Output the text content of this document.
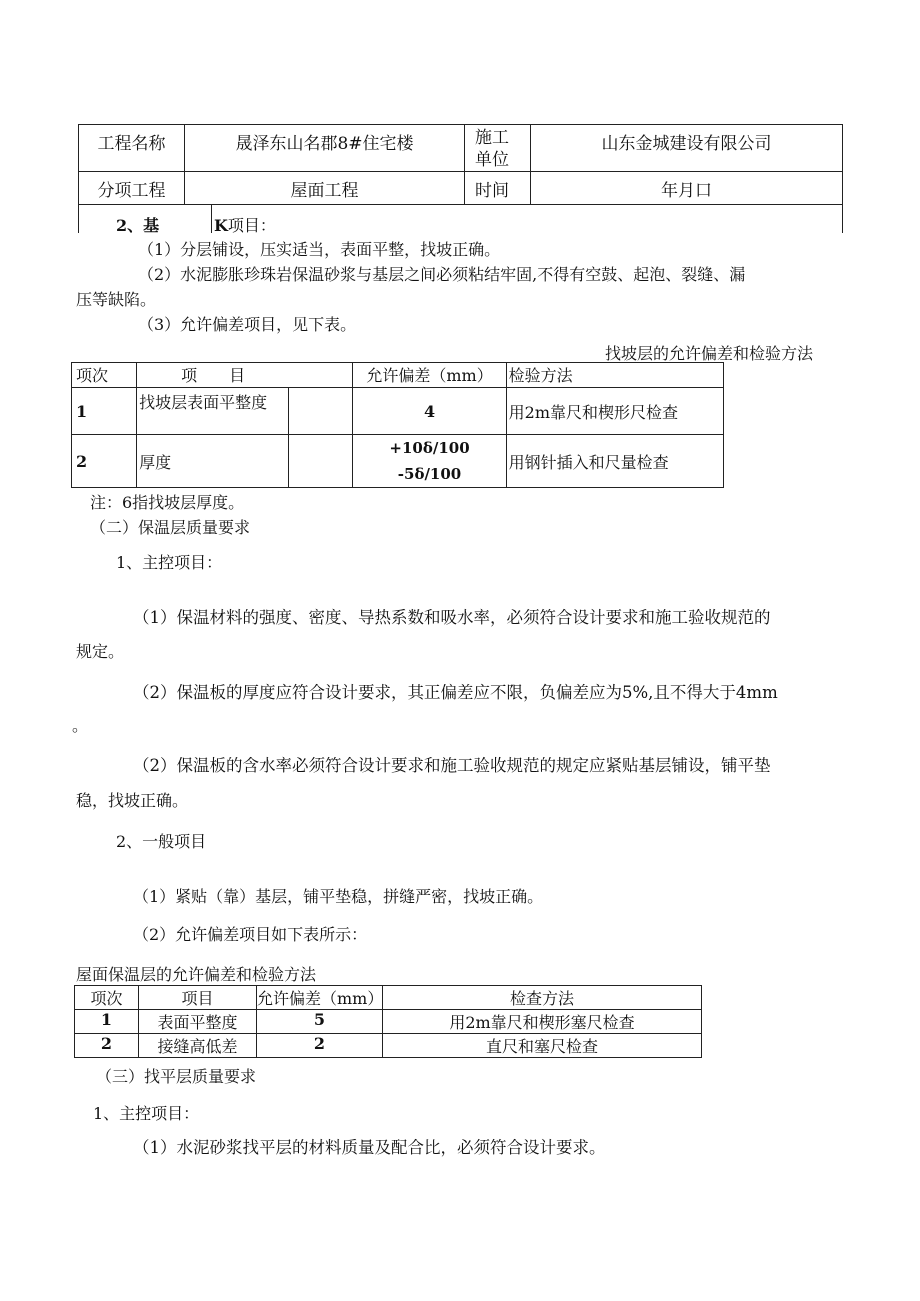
工程名称	晟泽东山名郡8#住宅楼	施工
单位	山东金城建设有限公司
分项工程	屋面工程	时间	年月口
2、基	K项目：
（1）分层铺设，压实适当，表面平整，找坡正确。
（2）水泥膨胀珍珠岩保温砂浆与基层之间必须粘结牢固,不得有空鼓、起泡、裂缝、漏
压等缺陷。
（3）允许偏差项目，见下表。
找坡层的允许偏差和检验方法
项次	项　　目		允许偏差（mm）	检验方法
1	找坡层表面平整度		4	用2m靠尺和楔形尺检查
2	厚度		+10δ/100
-5δ/100	用钢针插入和尺量检查
注：6指找坡层厚度。
（二）保温层质量要求
1、主控项目：
（1）保温材料的强度、密度、导热系数和吸水率，必须符合设计要求和施工验收规范的
规定。
（2）保温板的厚度应符合设计要求，其正偏差应不限，负偏差应为5%,且不得大于4mm
。
（2）保温板的含水率必须符合设计要求和施工验收规范的规定应紧贴基层铺设，铺平垫
稳，找坡正确。
2、一般项目
（1）紧贴（靠）基层，铺平垫稳，拼缝严密，找坡正确。
（2）允许偏差项目如下表所示：
屋面保温层的允许偏差和检验方法
项次	项目	允许偏差（mm）	检查方法
1	表面平整度	5	用2m靠尺和楔形塞尺检查
2	接缝高低差	2	直尺和塞尺检查
（三）找平层质量要求
1、主控项目：
（1）水泥砂浆找平层的材料质量及配合比，必须符合设计要求。
